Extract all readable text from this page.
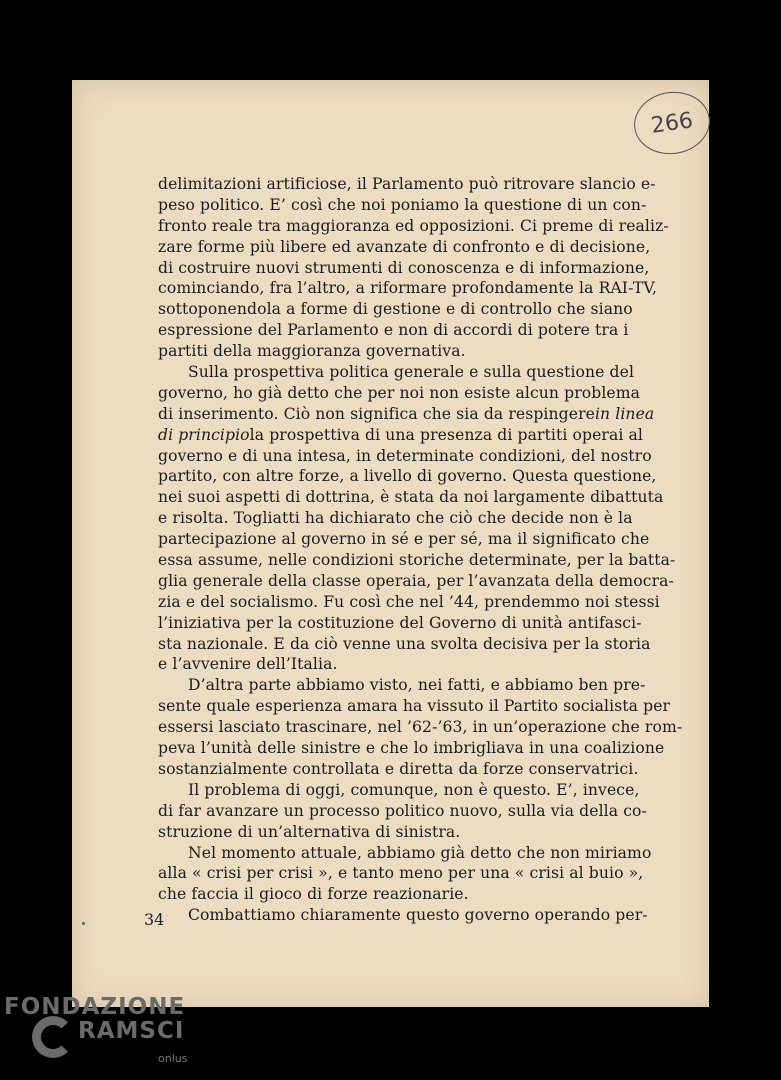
266
delimitazioni artificiose, il Parlamento può ritrovare slancio e-
peso politico. E’ così che noi poniamo la questione di un con-
fronto reale tra maggioranza ed opposizioni. Ci preme di realiz-
zare forme più libere ed avanzate di confronto e di decisione,
di costruire nuovi strumenti di conoscenza e di informazione,
cominciando, fra l’altro, a riformare profondamente la RAI-TV,
sottoponendola a forme di gestione e di controllo che siano
espressione del Parlamento e non di accordi di potere tra i
partiti della maggioranza governativa.
Sulla prospettiva politica generale e sulla questione del
governo, ho già detto che per noi non esiste alcun problema
di inserimento. Ciò non significa che sia da respingere in linea
di principio la prospettiva di una presenza di partiti operai al
governo e di una intesa, in determinate condizioni, del nostro
partito, con altre forze, a livello di governo. Questa questione,
nei suoi aspetti di dottrina, è stata da noi largamente dibattuta
e risolta. Togliatti ha dichiarato che ciò che decide non è la
partecipazione al governo in sé e per sé, ma il significato che
essa assume, nelle condizioni storiche determinate, per la batta-
glia generale della classe operaia, per l’avanzata della democra-
zia e del socialismo. Fu così che nel ’44, prendemmo noi stessi
l’iniziativa per la costituzione del Governo di unità antifasci-
sta nazionale. E da ciò venne una svolta decisiva per la storia
e l’avvenire dell’Italia.
D’altra parte abbiamo visto, nei fatti, e abbiamo ben pre-
sente quale esperienza amara ha vissuto il Partito socialista per
essersi lasciato trascinare, nel ’62-’63, in un’operazione che rom-
peva l’unità delle sinistre e che lo imbrigliava in una coalizione
sostanzialmente controllata e diretta da forze conservatrici.
Il problema di oggi, comunque, non è questo. E’, invece,
di far avanzare un processo politico nuovo, sulla via della co-
struzione di un’alternativa di sinistra.
Nel momento attuale, abbiamo già detto che non miriamo
alla « crisi per crisi », e tanto meno per una « crisi al buio »,
che faccia il gioco di forze reazionarie.
Combattiamo chiaramente questo governo operando per-
34
FONDAZIONE
RAMSCI
onlus
